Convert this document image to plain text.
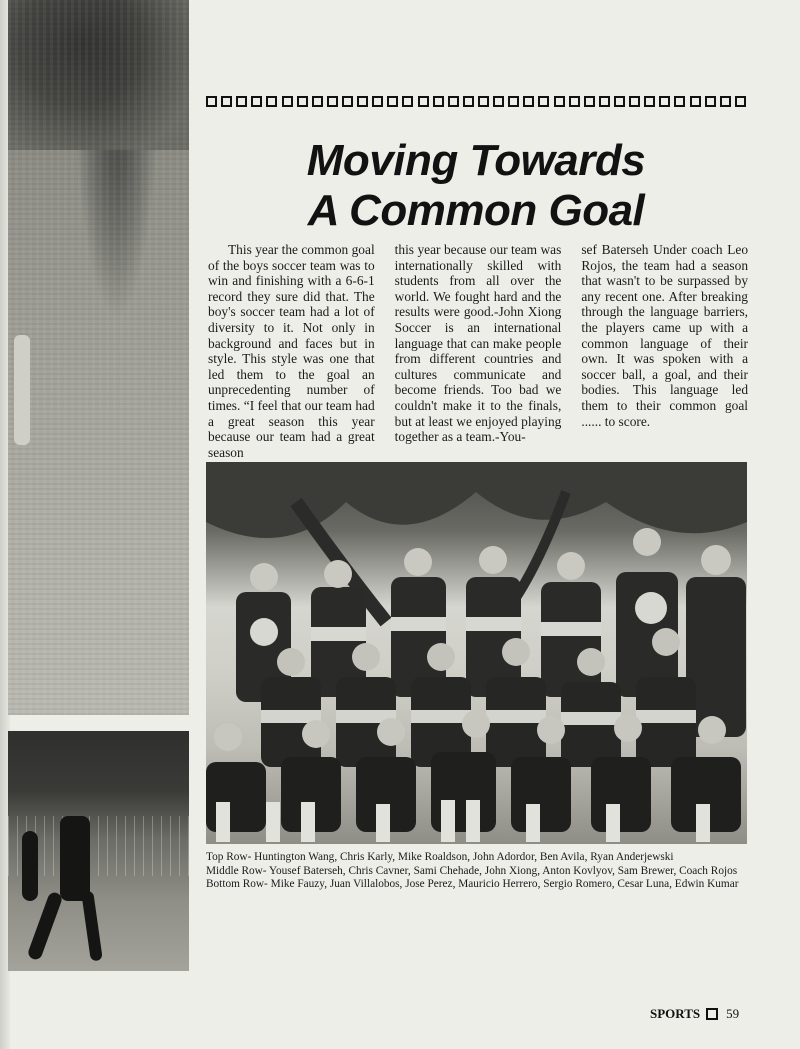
Moving Towards
A Common Goal

This year the common goal of the boys soccer team was to win and finishing with a 6-6-1 record they sure did that. The boy's soccer team had a lot of diversity to it. Not only in background and faces but in style. This style was one that led them to the goal an unprecedenting number of times. “I feel that our team had a great season this year because our team had a great season

this year because our team was internationally skilled with students from all over the world. We fought hard and the results were good.-John Xiong Soccer is an international language that can make people from different countries and cultures communicate and become friends. Too bad we couldn't make it to the finals, but at least we enjoyed playing together as a team.-You-

sef Baterseh Under coach Leo Rojos, the team had a season that wasn't to be surpassed by any recent one. After breaking through the language barriers, the players came up with a common language of their own. It was spoken with a soccer ball, a goal, and their bodies. This language led them to their common goal ...... to score.

Top Row- Huntington Wang, Chris Karly, Mike Roaldson, John Adordor, Ben Avila, Ryan Anderjewski
Middle Row- Yousef Baterseh, Chris Cavner, Sami Chehade, John Xiong, Anton Kovlyov, Sam Brewer, Coach Rojos
Bottom Row- Mike Fauzy, Juan Villalobos, Jose Perez, Mauricio Herrero, Sergio Romero, Cesar Luna, Edwin Kumar
SPORTS 59
